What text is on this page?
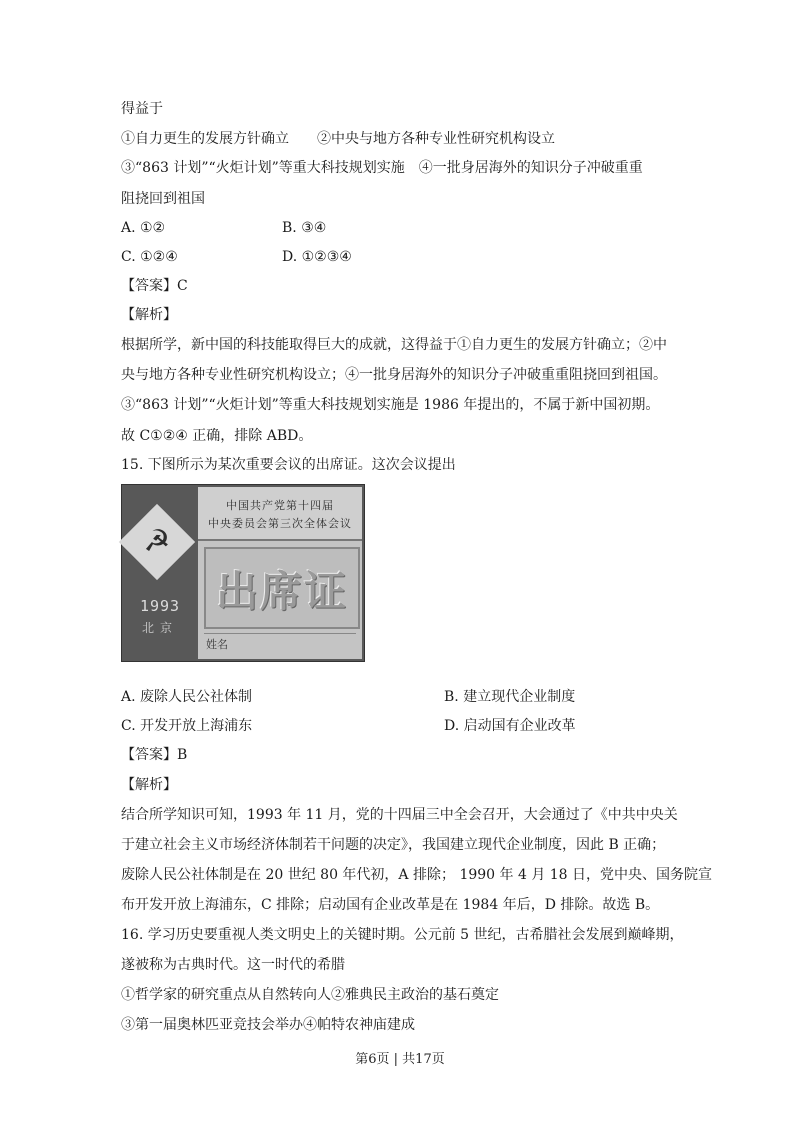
得益于
①自力更生的发展方针确立　　②中央与地方各种专业性研究机构设立
③“863 计划”“火炬计划”等重大科技规划实施　④一批身居海外的知识分子冲破重重
阻挠回到祖国
A. ①②	B. ③④
C. ①②④	D. ①②③④
【答案】C
【解析】
根据所学，新中国的科技能取得巨大的成就，这得益于①自力更生的发展方针确立；②中
央与地方各种专业性研究机构设立；④一批身居海外的知识分子冲破重重阻挠回到祖国。
③“863 计划”“火炬计划”等重大科技规划实施是 1986 年提出的，不属于新中国初期。
故 C①②④ 正确，排除 ABD。
15. 下图所示为某次重要会议的出席证。这次会议提出
☭
1993
北京
中国共产党第十四届
中央委员会第三次全体会议
出席证
姓名
A. 废除人民公社体制	B. 建立现代企业制度
C. 开发开放上海浦东	D. 启动国有企业改革
【答案】B
【解析】
结合所学知识可知，1993 年 11 月，党的十四届三中全会召开，大会通过了《中共中央关
于建立社会主义市场经济体制若干问题的决定》，我国建立现代企业制度，因此 B 正确；
废除人民公社体制是在 20 世纪 80 年代初，A 排除； 1990 年 4 月 18 日，党中央、国务院宣
布开发开放上海浦东，C 排除；启动国有企业改革是在 1984 年后，D 排除。故选 B。
16. 学习历史要重视人类文明史上的关键时期。公元前 5 世纪，古希腊社会发展到巅峰期，
遂被称为古典时代。这一时代的希腊
①哲学家的研究重点从自然转向人②雅典民主政治的基石奠定
③第一届奥林匹亚竞技会举办④帕特农神庙建成
第6页 | 共17页
